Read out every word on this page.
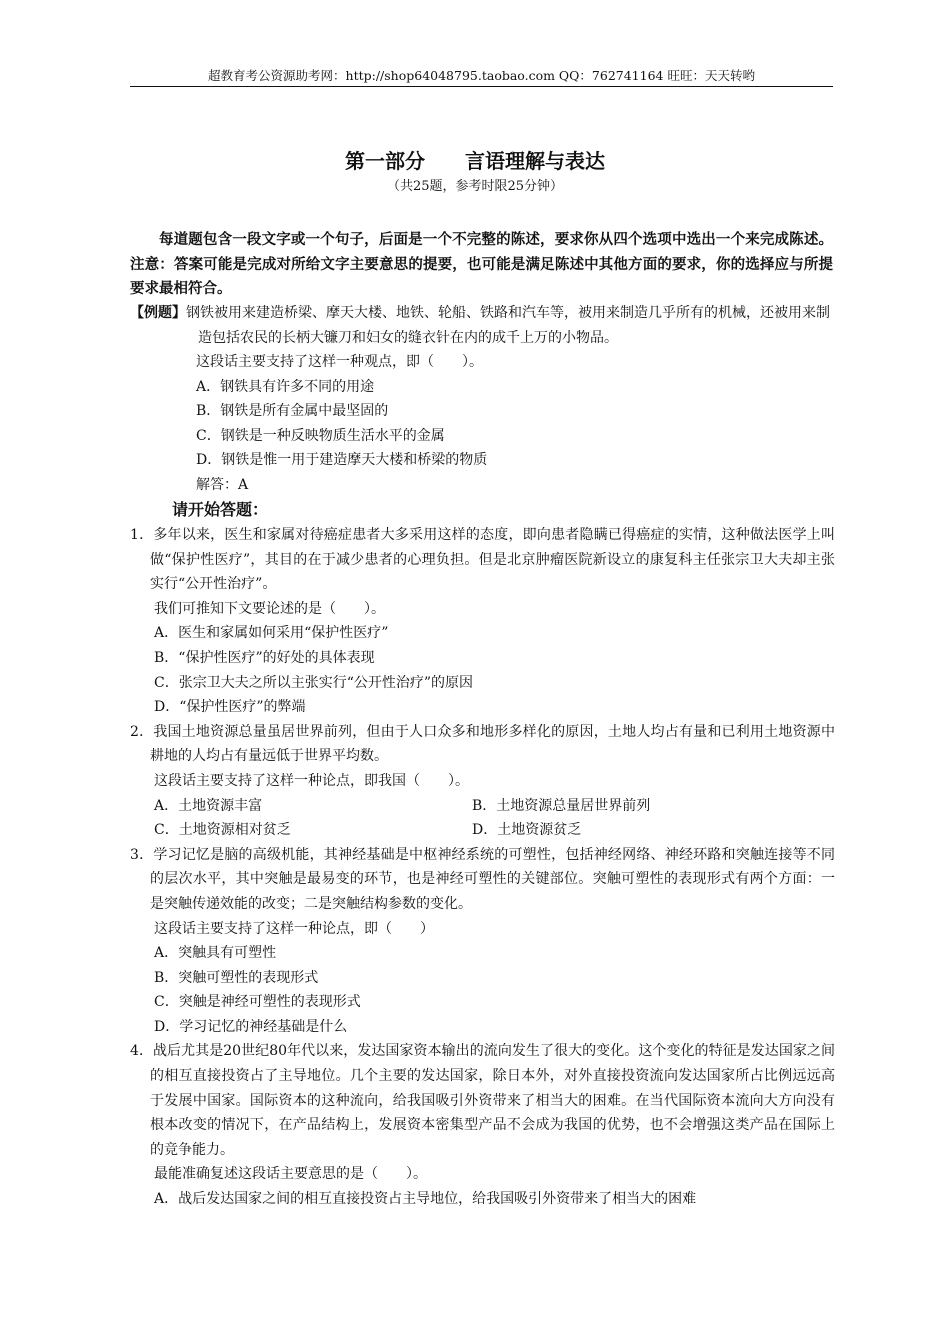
超教育考公资源助考网：http://shop64048795.taobao.com QQ：762741164 旺旺：天天转哟
第一部分　　言语理解与表达
（共25题，参考时限25分钟）

每道题包含一段文字或一个句子，后面是一个不完整的陈述，要求你从四个选项中选出一个来完成陈述。注意：答案可能是完成对所给文字主要意思的提要，也可能是满足陈述中其他方面的要求，你的选择应与所提要求最相符合。

【例题】钢铁被用来建造桥梁、摩天大楼、地铁、轮船、铁路和汽车等，被用来制造几乎所有的机械，还被用来制造包括农民的长柄大镰刀和妇女的缝衣针在内的成千上万的小物品。

这段话主要支持了这样一种观点，即（　　）。

A．钢铁具有许多不同的用途

B．钢铁是所有金属中最坚固的

C．钢铁是一种反映物质生活水平的金属

D．钢铁是惟一用于建造摩天大楼和桥梁的物质

解答：A

请开始答题：

1．多年以来，医生和家属对待癌症患者大多采用这样的态度，即向患者隐瞒已得癌症的实情，这种做法医学上叫做“保护性医疗”，其目的在于减少患者的心理负担。但是北京肿瘤医院新设立的康复科主任张宗卫大夫却主张实行“公开性治疗”。

我们可推知下文要论述的是（　　）。

A．医生和家属如何采用“保护性医疗”

B．“保护性医疗”的好处的具体表现

C．张宗卫大夫之所以主张实行“公开性治疗”的原因

D．“保护性医疗”的弊端

2．我国土地资源总量虽居世界前列，但由于人口众多和地形多样化的原因，土地人均占有量和已利用土地资源中耕地的人均占有量远低于世界平均数。

这段话主要支持了这样一种论点，即我国（　　）。

A．土地资源丰富	B．土地资源总量居世界前列
C．土地资源相对贫乏	D．土地资源贫乏

3．学习记忆是脑的高级机能，其神经基础是中枢神经系统的可塑性，包括神经网络、神经环路和突触连接等不同的层次水平，其中突触是最易变的环节，也是神经可塑性的关键部位。突触可塑性的表现形式有两个方面：一是突触传递效能的改变；二是突触结构参数的变化。

这段话主要支持了这样一种论点，即（　　）

A．突触具有可塑性

B．突触可塑性的表现形式

C．突触是神经可塑性的表现形式

D．学习记忆的神经基础是什么

4．战后尤其是20世纪80年代以来，发达国家资本输出的流向发生了很大的变化。这个变化的特征是发达国家之间的相互直接投资占了主导地位。几个主要的发达国家，除日本外，对外直接投资流向发达国家所占比例远远高于发展中国家。国际资本的这种流向，给我国吸引外资带来了相当大的困难。在当代国际资本流向大方向没有根本改变的情况下，在产品结构上，发展资本密集型产品不会成为我国的优势，也不会增强这类产品在国际上的竞争能力。

最能准确复述这段话主要意思的是（　　）。

A．战后发达国家之间的相互直接投资占主导地位，给我国吸引外资带来了相当大的困难
